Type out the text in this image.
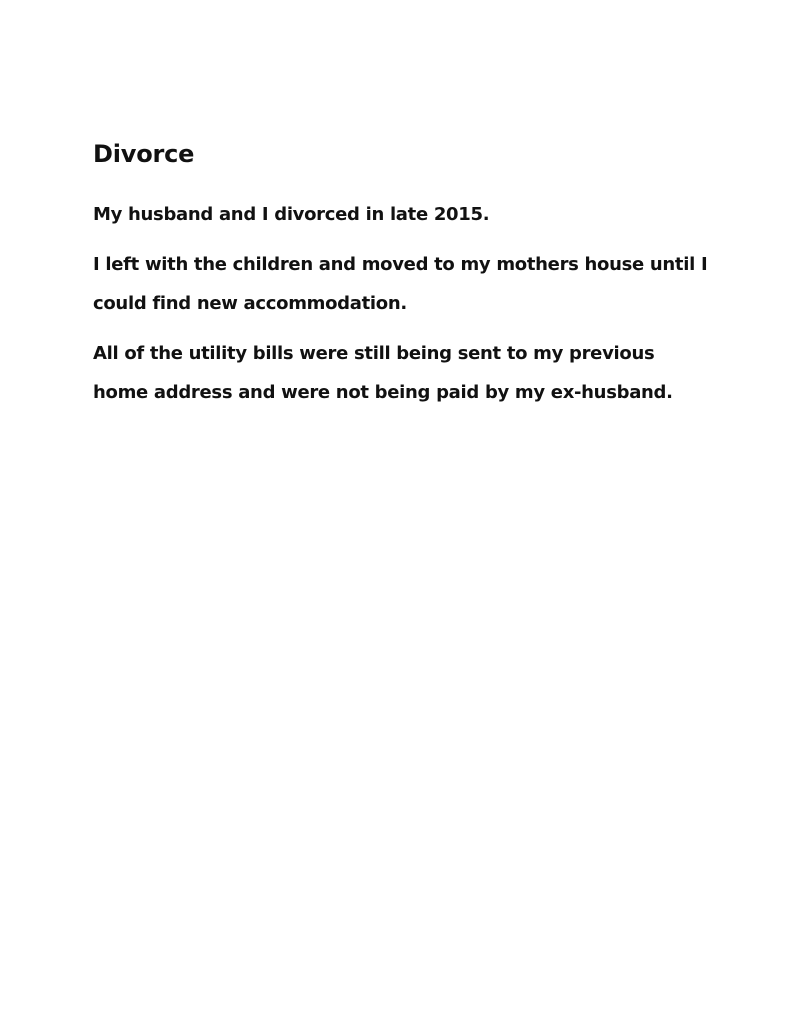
Divorce

My husband and I divorced in late 2015.

I left with the children and moved to my mothers house until I could find new accommodation.

All of the utility bills were still being sent to my previous home address and were not being paid by my ex-husband.
